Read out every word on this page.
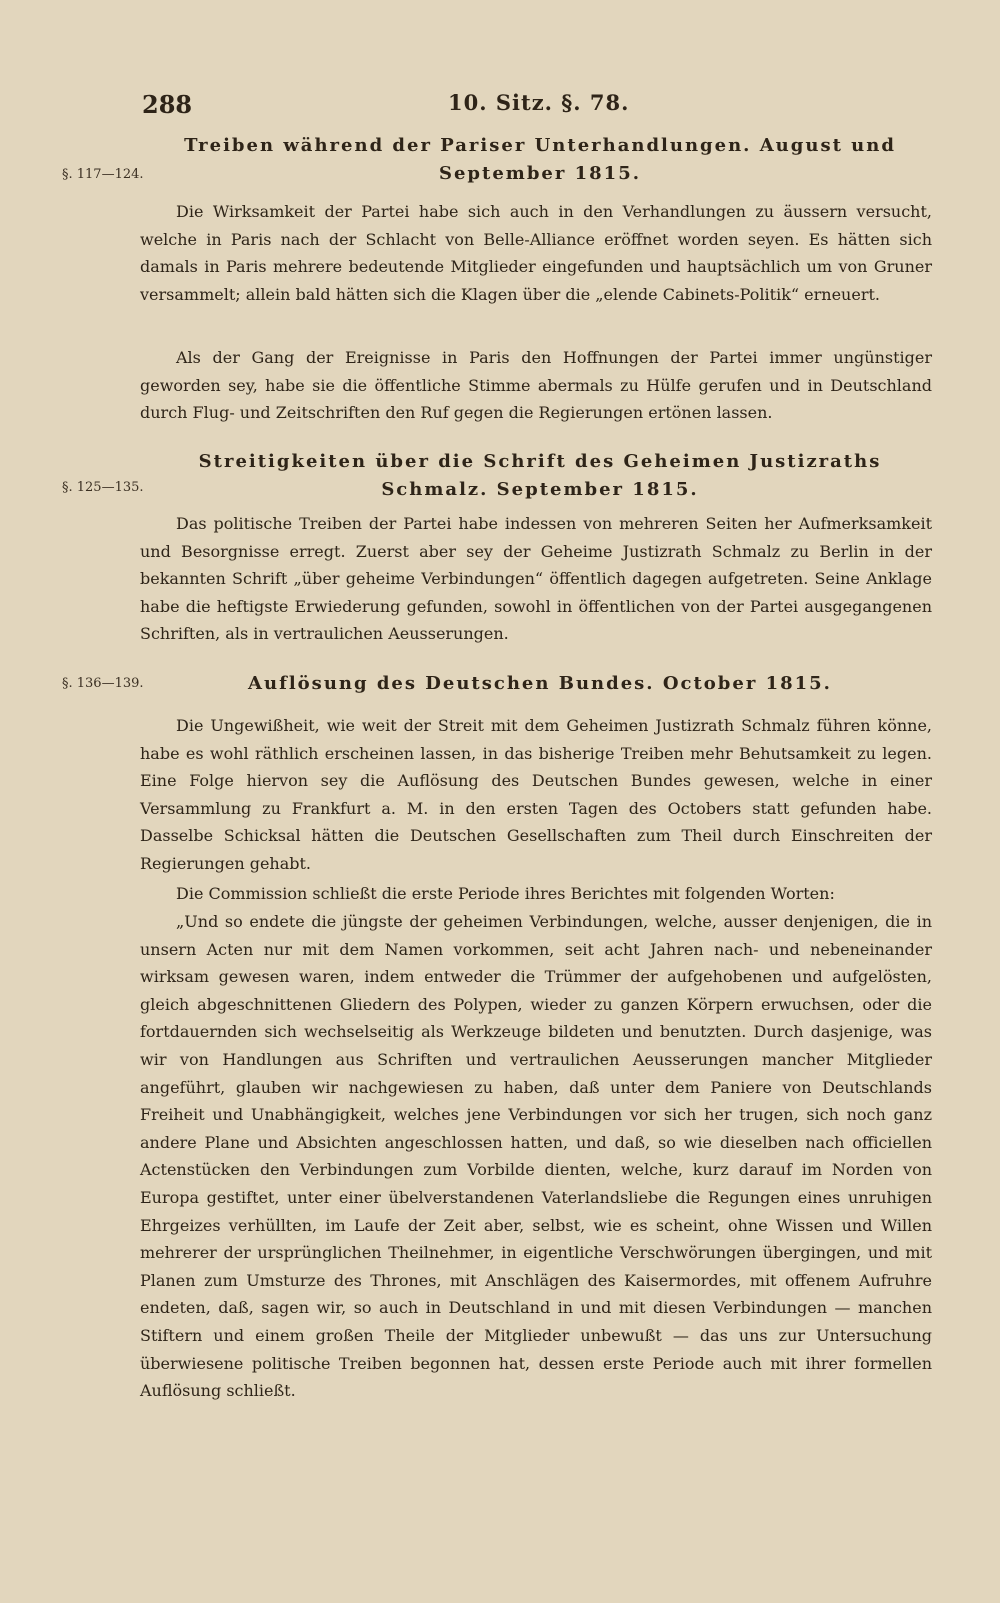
288	10. Sitz. §. 78.
§. 117—124.
Treiben während der Pariser Unterhandlungen. August und September 1815.

Die Wirksamkeit der Partei habe sich auch in den Verhandlungen zu äussern versucht, welche in Paris nach der Schlacht von Belle-Alliance eröffnet worden seyen. Es hätten sich damals in Paris mehrere bedeutende Mitglieder eingefunden und hauptsächlich um von Gruner versammelt; allein bald hätten sich die Klagen über die „elende Cabinets-Politik“ erneuert.

Als der Gang der Ereignisse in Paris den Hoffnungen der Partei immer ungünstiger geworden sey, habe sie die öffentliche Stimme abermals zu Hülfe gerufen und in Deutschland durch Flug- und Zeitschriften den Ruf gegen die Regierungen ertönen lassen.

§. 125—135.
Streitigkeiten über die Schrift des Geheimen Justizraths Schmalz. September 1815.

Das politische Treiben der Partei habe indessen von mehreren Seiten her Aufmerksamkeit und Besorgnisse erregt. Zuerst aber sey der Geheime Justizrath Schmalz zu Berlin in der bekannten Schrift „über geheime Verbindungen“ öffentlich dagegen aufgetreten. Seine Anklage habe die heftigste Erwiederung gefunden, sowohl in öffentlichen von der Partei ausgegangenen Schriften, als in vertraulichen Aeusserungen.

§. 136—139.	Auflösung des Deutschen Bundes. October 1815.

Die Ungewißheit, wie weit der Streit mit dem Geheimen Justizrath Schmalz führen könne, habe es wohl räthlich erscheinen lassen, in das bisherige Treiben mehr Behutsamkeit zu legen. Eine Folge hiervon sey die Auflösung des Deutschen Bundes gewesen, welche in einer Versammlung zu Frankfurt a. M. in den ersten Tagen des Octobers statt gefunden habe. Dasselbe Schicksal hätten die Deutschen Gesellschaften zum Theil durch Einschreiten der Regierungen gehabt.

Die Commission schließt die erste Periode ihres Berichtes mit folgenden Worten:

„Und so endete die jüngste der geheimen Verbindungen, welche, ausser denjenigen, die in unsern Acten nur mit dem Namen vorkommen, seit acht Jahren nach- und nebeneinander wirksam gewesen waren, indem entweder die Trümmer der aufgehobenen und aufgelösten, gleich abgeschnittenen Gliedern des Polypen, wieder zu ganzen Körpern erwuchsen, oder die fortdauernden sich wechselseitig als Werkzeuge bildeten und benutzten. Durch dasjenige, was wir von Handlungen aus Schriften und vertraulichen Aeusserungen mancher Mitglieder angeführt, glauben wir nachgewiesen zu haben, daß unter dem Paniere von Deutschlands Freiheit und Unabhängigkeit, welches jene Verbindungen vor sich her trugen, sich noch ganz andere Plane und Absichten angeschlossen hatten, und daß, so wie dieselben nach officiellen Actenstücken den Verbindungen zum Vorbilde dienten, welche, kurz darauf im Norden von Europa gestiftet, unter einer übelverstandenen Vaterlandsliebe die Regungen eines unruhigen Ehrgeizes verhüllten, im Laufe der Zeit aber, selbst, wie es scheint, ohne Wissen und Willen mehrerer der ursprünglichen Theilnehmer, in eigentliche Verschwörungen übergingen, und mit Planen zum Umsturze des Thrones, mit Anschlägen des Kaisermordes, mit offenem Aufruhre endeten, daß, sagen wir, so auch in Deutschland in und mit diesen Verbindungen — manchen Stiftern und einem großen Theile der Mitglieder unbewußt — das uns zur Untersuchung überwiesene politische Treiben begonnen hat, dessen erste Periode auch mit ihrer formellen Auflösung schließt.
